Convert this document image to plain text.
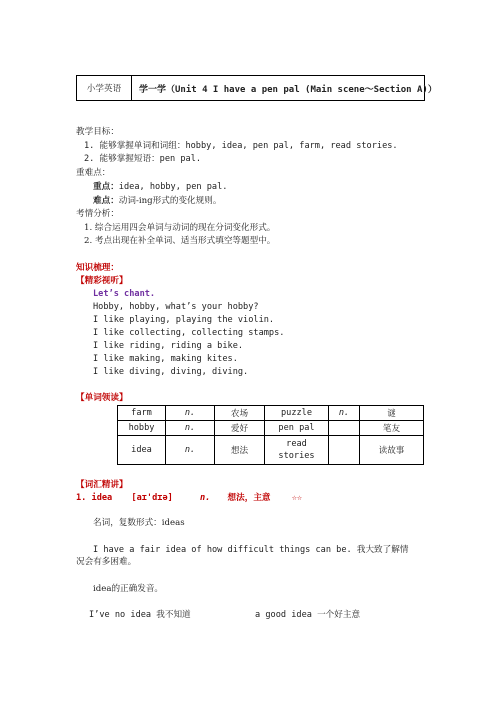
小学英语	学一学（Unit 4 I have a pen pal (Main scene～Section A)）
教学目标：
1. 能够掌握单词和词组：hobby, idea, pen pal, farm, read stories.
2. 能够掌握短语：pen pal.
重难点：
重点：idea, hobby, pen pal.
难点：动词-ing形式的变化规则。
考情分析：
1. 综合运用四会单词与动词的现在分词变化形式。
2. 考点出现在补全单词、适当形式填空等题型中。
知识梳理：
【精彩视听】
Let’s chant.
Hobby, hobby, what’s your hobby?
I like playing, playing the violin.
I like collecting, collecting stamps.
I like riding, riding a bike.
I like making, making kites.
I like diving, diving, diving.
【单词领读】
farm	n.	农场	puzzle	n.	谜
hobby	n.	爱好	pen pal		笔友
idea	n.	想法	read stories		读故事
【词汇精讲】
1. idea [aɪ'dɪə]	n. 想法，主意 ☆☆
名词，复数形式：ideas
I have a fair idea of how difficult things can be. 我大致了解情
况会有多困难。
idea的正确发音。
I’ve no idea 我不知道	a good idea 一个好主意
